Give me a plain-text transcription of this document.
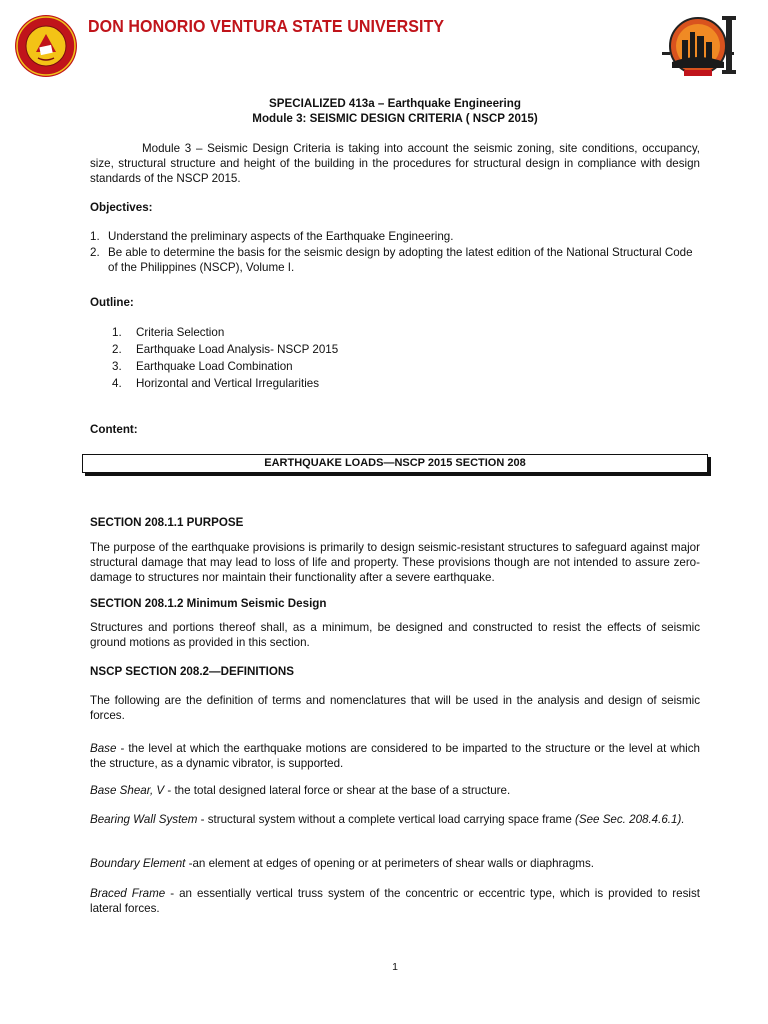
DON HONORIO VENTURA STATE UNIVERSITY
SPECIALIZED 413a – Earthquake Engineering
Module 3: SEISMIC DESIGN CRITERIA ( NSCP 2015)

Module 3 – Seismic Design Criteria is taking into account the seismic zoning, site conditions, occupancy, size, structural structure and height of the building in the procedures for structural design in compliance with design standards of the NSCP 2015.

Objectives:

1. Understand the preliminary aspects of the Earthquake Engineering.
2. Be able to determine the basis for the seismic design by adopting the latest edition of the National Structural Code of the Philippines (NSCP), Volume I.

Outline:

1. Criteria Selection
2. Earthquake Load Analysis- NSCP 2015
3. Earthquake Load Combination
4. Horizontal and Vertical Irregularities

Content:

EARTHQUAKE LOADS—NSCP 2015 SECTION 208

SECTION 208.1.1 PURPOSE

The purpose of the earthquake provisions is primarily to design seismic-resistant structures to safeguard against major structural damage that may lead to loss of life and property. These provisions though are not intended to assure zero-damage to structures nor maintain their functionality after a severe earthquake.

SECTION 208.1.2 Minimum Seismic Design

Structures and portions thereof shall, as a minimum, be designed and constructed to resist the effects of seismic ground motions as provided in this section.

NSCP SECTION 208.2—DEFINITIONS

The following are the definition of terms and nomenclatures that will be used in the analysis and design of seismic forces.

Base - the level at which the earthquake motions are considered to be imparted to the structure or the level at which the structure, as a dynamic vibrator, is supported.

Base Shear, V - the total designed lateral force or shear at the base of a structure.

Bearing Wall System - structural system without a complete vertical load carrying space frame (See Sec. 208.4.6.1).

Boundary Element -an element at edges of opening or at perimeters of shear walls or diaphragms.

Braced Frame - an essentially vertical truss system of the concentric or eccentric type, which is provided to resist lateral forces.

1
